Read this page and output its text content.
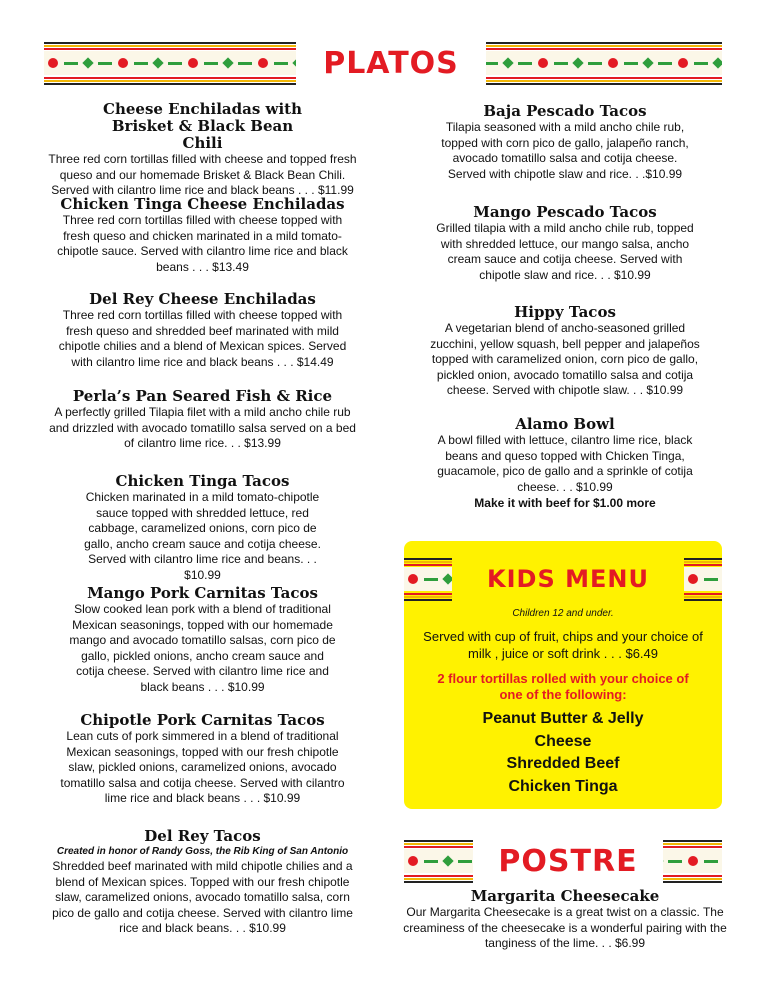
PLATOS
Cheese Enchiladas with Brisket & Black Bean Chili
Three red corn tortillas filled with cheese and topped fresh queso and our homemade Brisket & Black Bean Chili. Served with cilantro lime rice and black beans . . . $11.99
Chicken Tinga Cheese Enchiladas
Three red corn tortillas filled with cheese topped with fresh queso and chicken marinated in a mild tomato-chipotle sauce. Served with cilantro lime rice and black beans . . . $13.49
Del Rey Cheese Enchiladas
Three red corn tortillas filled with cheese topped with fresh queso and shredded beef marinated with mild chipotle chilies and a blend of Mexican spices. Served with cilantro lime rice and black beans . . . $14.49
Perla’s Pan Seared Fish & Rice
A perfectly grilled Tilapia filet with a mild ancho chile rub and drizzled with avocado tomatillo salsa served on a bed of cilantro lime rice. . . $13.99
Chicken Tinga Tacos
Chicken marinated in a mild tomato-chipotle sauce topped with shredded lettuce, red cabbage, caramelized onions, corn pico de gallo, ancho cream sauce and cotija cheese. Served with cilantro lime rice and beans. . . $10.99
Mango Pork Carnitas Tacos
Slow cooked lean pork with a blend of traditional Mexican seasonings, topped with our homemade mango and avocado tomatillo salsas, corn pico de gallo, pickled onions, ancho cream sauce and cotija cheese. Served with cilantro lime rice and black beans . . . $10.99
Chipotle Pork Carnitas Tacos
Lean cuts of pork simmered in a blend of traditional Mexican seasonings, topped with our fresh chipotle slaw, pickled onions, caramelized onions, avocado tomatillo salsa and cotija cheese. Served with cilantro lime rice and black beans . . . $10.99
Del Rey Tacos
Created in honor of Randy Goss, the Rib King of San Antonio
Shredded beef marinated with mild chipotle chilies and a blend of Mexican spices. Topped with our fresh chipotle slaw, caramelized onions, avocado tomatillo salsa, corn pico de gallo and cotija cheese. Served with cilantro lime rice and black beans. . . $10.99
Baja Pescado Tacos
Tilapia seasoned with a mild ancho chile rub, topped with corn pico de gallo, jalapeño ranch, avocado tomatillo salsa and cotija cheese. Served with chipotle slaw and rice. . .$10.99
Mango Pescado Tacos
Grilled tilapia with a mild ancho chile rub, topped with shredded lettuce, our mango salsa, ancho cream sauce and cotija cheese. Served with chipotle slaw and rice. . . $10.99
Hippy Tacos
A vegetarian blend of ancho-seasoned grilled zucchini, yellow squash, bell pepper and jalapeños topped with caramelized onion, corn pico de gallo, pickled onion, avocado tomatillo salsa and cotija cheese. Served with chipotle slaw. . . $10.99
Alamo Bowl
A bowl filled with lettuce, cilantro lime rice, black beans and queso topped with Chicken Tinga, guacamole, pico de gallo and a sprinkle of cotija cheese. . . $10.99
Make it with beef for $1.00 more
KIDS MENU
Children 12 and under.
Served with cup of fruit, chips and your choice of milk , juice or soft drink . . . $6.49
2 flour tortillas rolled with your choice of one of the following:
Peanut Butter & Jelly
Cheese
Shredded Beef
Chicken Tinga
POSTRE
Margarita Cheesecake
Our Margarita Cheesecake is a great twist on a classic. The creaminess of the cheesecake is a wonderful pairing with the tanginess of the lime. . . $6.99
